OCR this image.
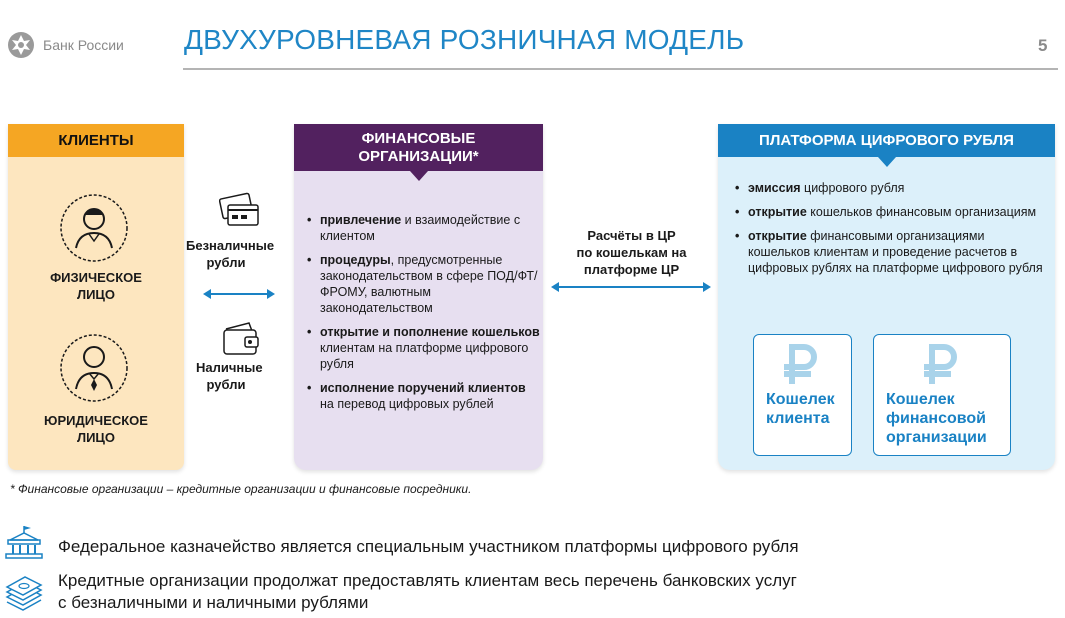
Банк России ДВУХУРОВНЕВАЯ РОЗНИЧНАЯ МОДЕЛЬ	5
КЛИЕНТЫ
ФИЗИЧЕСКОЕ
ЛИЦО
ЮРИДИЧЕСКОЕ
ЛИЦО
Безналичные
рубли
Наличные
рубли
ФИНАНСОВЫЕ
ОРГАНИЗАЦИИ*
• привлечение и взаимодействие с клиентом
• процедуры, предусмотренные законодательством в сфере ПОД/ФТ/ФРОМУ, валютным законодательством
• открытие и пополнение кошельков клиентам на платформе цифрового рубля
• исполнение поручений клиентов на перевод цифровых рублей
Расчёты в ЦР
по кошелькам на
платформе ЦР
ПЛАТФОРМА ЦИФРОВОГО РУБЛЯ
• эмиссия цифрового рубля
• открытие кошельков финансовым организациям
• открытие финансовыми организациями кошельков клиентам и проведение расчетов в цифровых рублях на платформе цифрового рубля
Кошелек
клиента
Кошелек
финансовой
организации
* Финансовые организации – кредитные организации и финансовые посредники.
Федеральное казначейство является специальным участником платформы цифрового рубля
Кредитные организации продолжат предоставлять клиентам весь перечень банковских услуг
с безналичными и наличными рублями
